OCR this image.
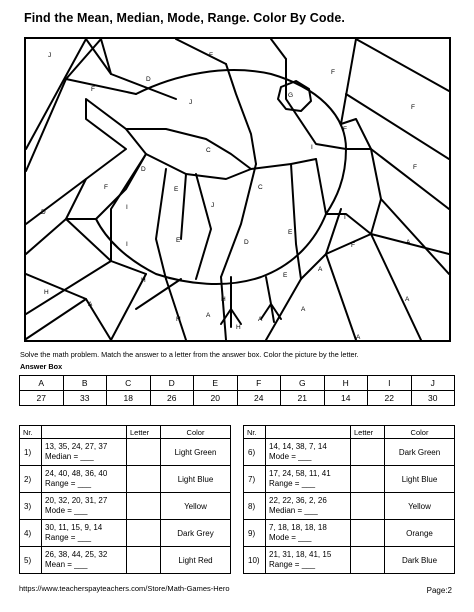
Find the Mean, Median, Mode, Range. Color By Code.
J	F
D
F
F
J
G
F
F
C	I
F
D
F	C
E
D
J
I
E
I
F
D
E
A
A
I
E
H
H
A
H
H
A
A
H
A
A
A
Solve the math problem. Match the answer to a letter from the answer box. Color the picture by the letter.
Answer Box
A	B	C	D	E	F	G	H	I	J
27	33	18	26	20	24	21	14	22	30
Nr.		Letter	Color
1)	13, 35, 24, 27, 37
Median = ___		Light Green
2)	24, 40, 48, 36, 40
Range = ___		Light Blue
3)	20, 32, 20, 31, 27
Mode = ___		Yellow
4)	30, 11, 15, 9, 14
Range = ___		Dark Grey
5)	26, 38, 44, 25, 32
Mean = ___		Light Red
Nr.		Letter	Color
6)	14, 14, 38, 7, 14
Mode = ___		Dark Green
7)	17, 24, 58, 11, 41
Range = ___		Light Blue
8)	22, 22, 36, 2, 26
Median = ___		Yellow
9)	7, 18, 18, 18, 18
Mode = ___		Orange
10)	21, 31, 18, 41, 15
Range = ___		Dark Blue
https://www.teacherspayteachers.com/Store/Math-Games-Hero	Page:2
